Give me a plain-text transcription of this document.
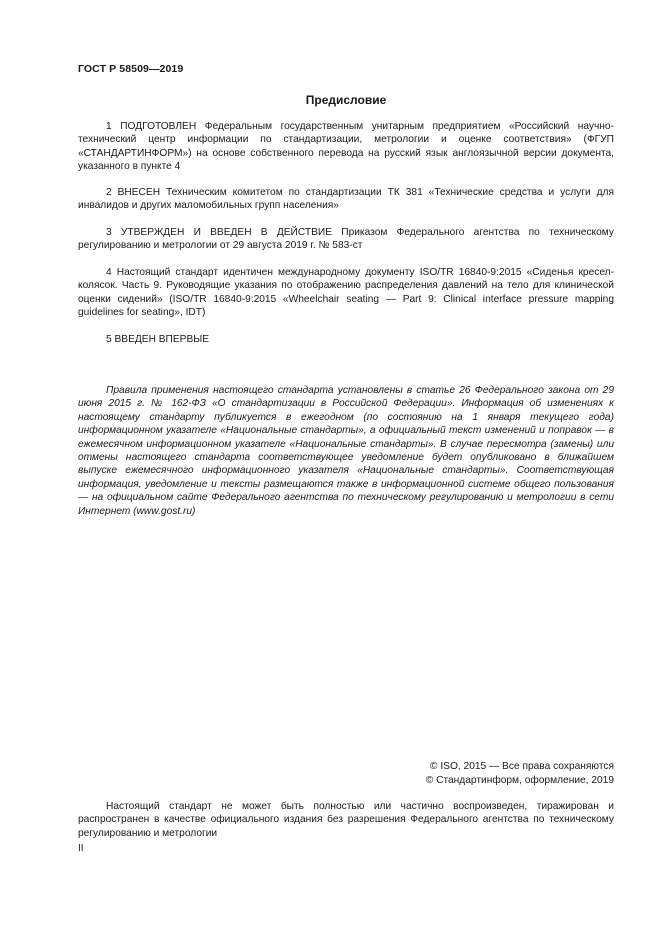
ГОСТ Р 58509—2019
Предисловие

1 ПОДГОТОВЛЕН Федеральным государственным унитарным предприятием «Российский научно-технический центр информации по стандартизации, метрологии и оценке соответствия» (ФГУП «СТАНДАРТИНФОРМ») на основе собственного перевода на русский язык англоязычной версии документа, указанного в пункте 4

2 ВНЕСЕН Техническим комитетом по стандартизации ТК 381 «Технические средства и услуги для инвалидов и других маломобильных групп населения»

3 УТВЕРЖДЕН И ВВЕДЕН В ДЕЙСТВИЕ Приказом Федерального агентства по техническому регулированию и метрологии от 29 августа 2019 г. № 583-ст

4 Настоящий стандарт идентичен международному документу ISO/TR 16840-9:2015 «Сиденья кресел-колясок. Часть 9. Руководящие указания по отображению распределения давлений на тело для клинической оценки сидений» (ISO/TR 16840-9:2015 «Wheelchair seating — Part 9: Clinical interface pressure mapping guidelines for seating», IDT)

5 ВВЕДЕН ВПЕРВЫЕ

Правила применения настоящего стандарта установлены в статье 26 Федерального закона от 29 июня 2015 г. № 162-ФЗ «О стандартизации в Российской Федерации». Информация об изменениях к настоящему стандарту публикуется в ежегодном (по состоянию на 1 января текущего года) информационном указателе «Национальные стандарты», а официальный текст изменений и поправок — в ежемесячном информационном указателе «Национальные стандарты». В случае пересмотра (замены) или отмены настоящего стандарта соответствующее уведомление будет опубликовано в ближайшем выпуске ежемесячного информационного указателя «Национальные стандарты». Соответствующая информация, уведомление и тексты размещаются также в информационной системе общего пользования — на официальном сайте Федерального агентства по техническому регулированию и метрологии в сети Интернет (www.gost.ru)

© ISO, 2015 — Все права сохраняются
© Стандартинформ, оформление, 2019

Настоящий стандарт не может быть полностью или частично воспроизведен, тиражирован и распространен в качестве официального издания без разрешения Федерального агентства по техническому регулированию и метрологии

II
